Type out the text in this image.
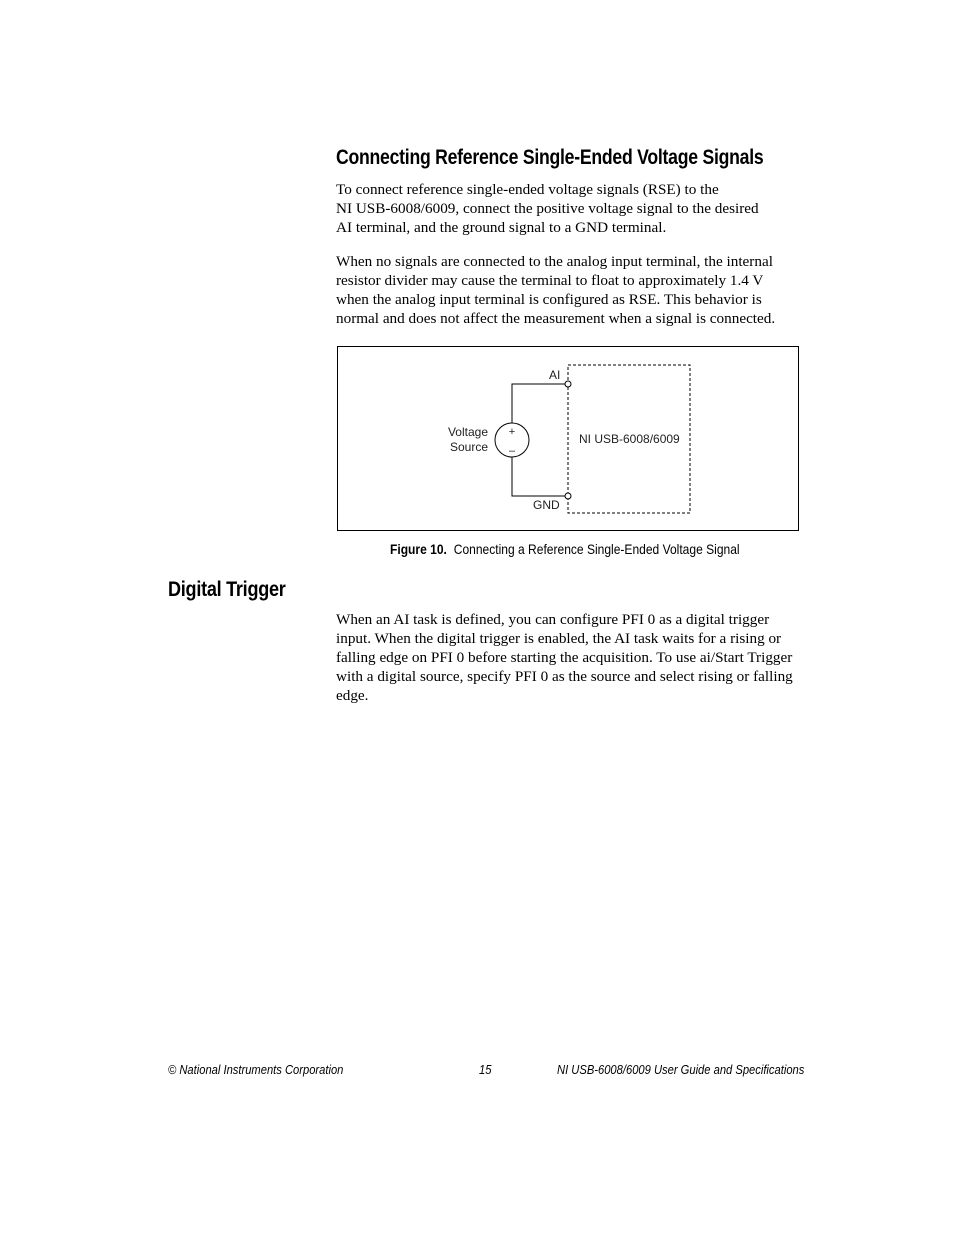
Connecting Reference Single-Ended Voltage Signals
To connect reference single-ended voltage signals (RSE) to the
NI USB-6008/6009, connect the positive voltage signal to the desired
AI terminal, and the ground signal to a GND terminal.
When no signals are connected to the analog input terminal, the internal
resistor divider may cause the terminal to float to approximately 1.4 V
when the analog input terminal is configured as RSE. This behavior is
normal and does not affect the measurement when a signal is connected.
AI
GND
Voltage
Source
+
–
NI USB-6008/6009
Figure 10. Connecting a Reference Single-Ended Voltage Signal
Digital Trigger
When an AI task is defined, you can configure PFI 0 as a digital trigger
input. When the digital trigger is enabled, the AI task waits for a rising or
falling edge on PFI 0 before starting the acquisition. To use ai/Start Trigger
with a digital source, specify PFI 0 as the source and select rising or falling
edge.
© National Instruments Corporation	15	NI USB-6008/6009 User Guide and Specifications
